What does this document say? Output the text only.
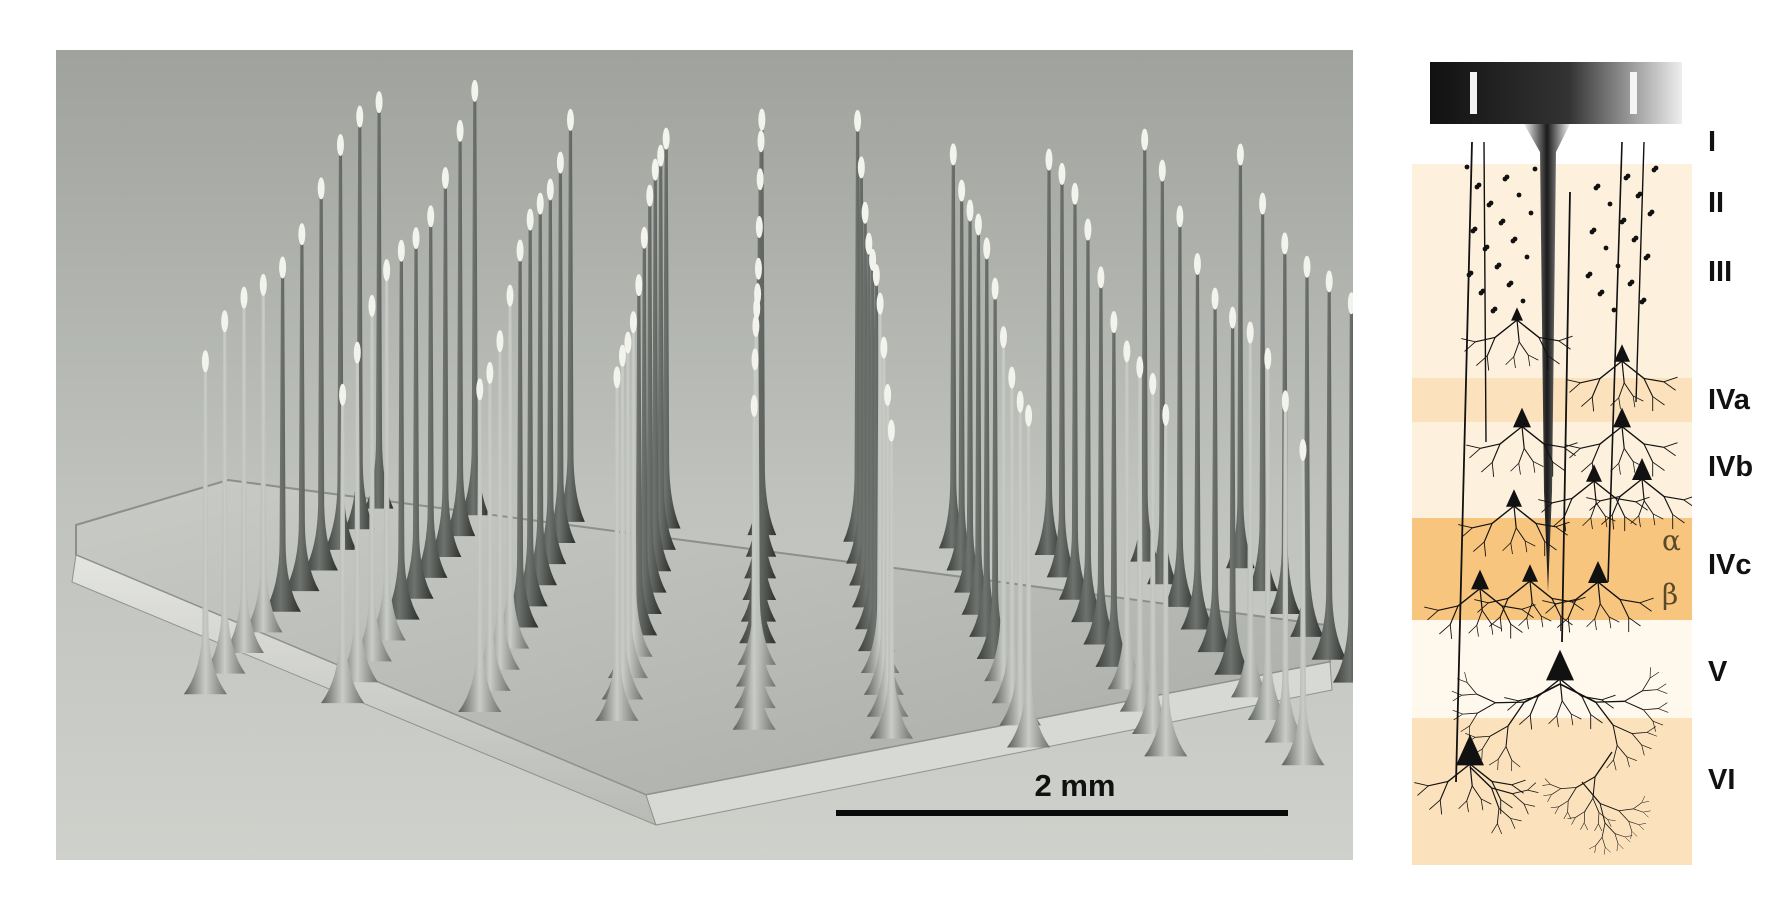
2 mm
I
II
III
IVa
IVb
IVc
V
VI
α
β
